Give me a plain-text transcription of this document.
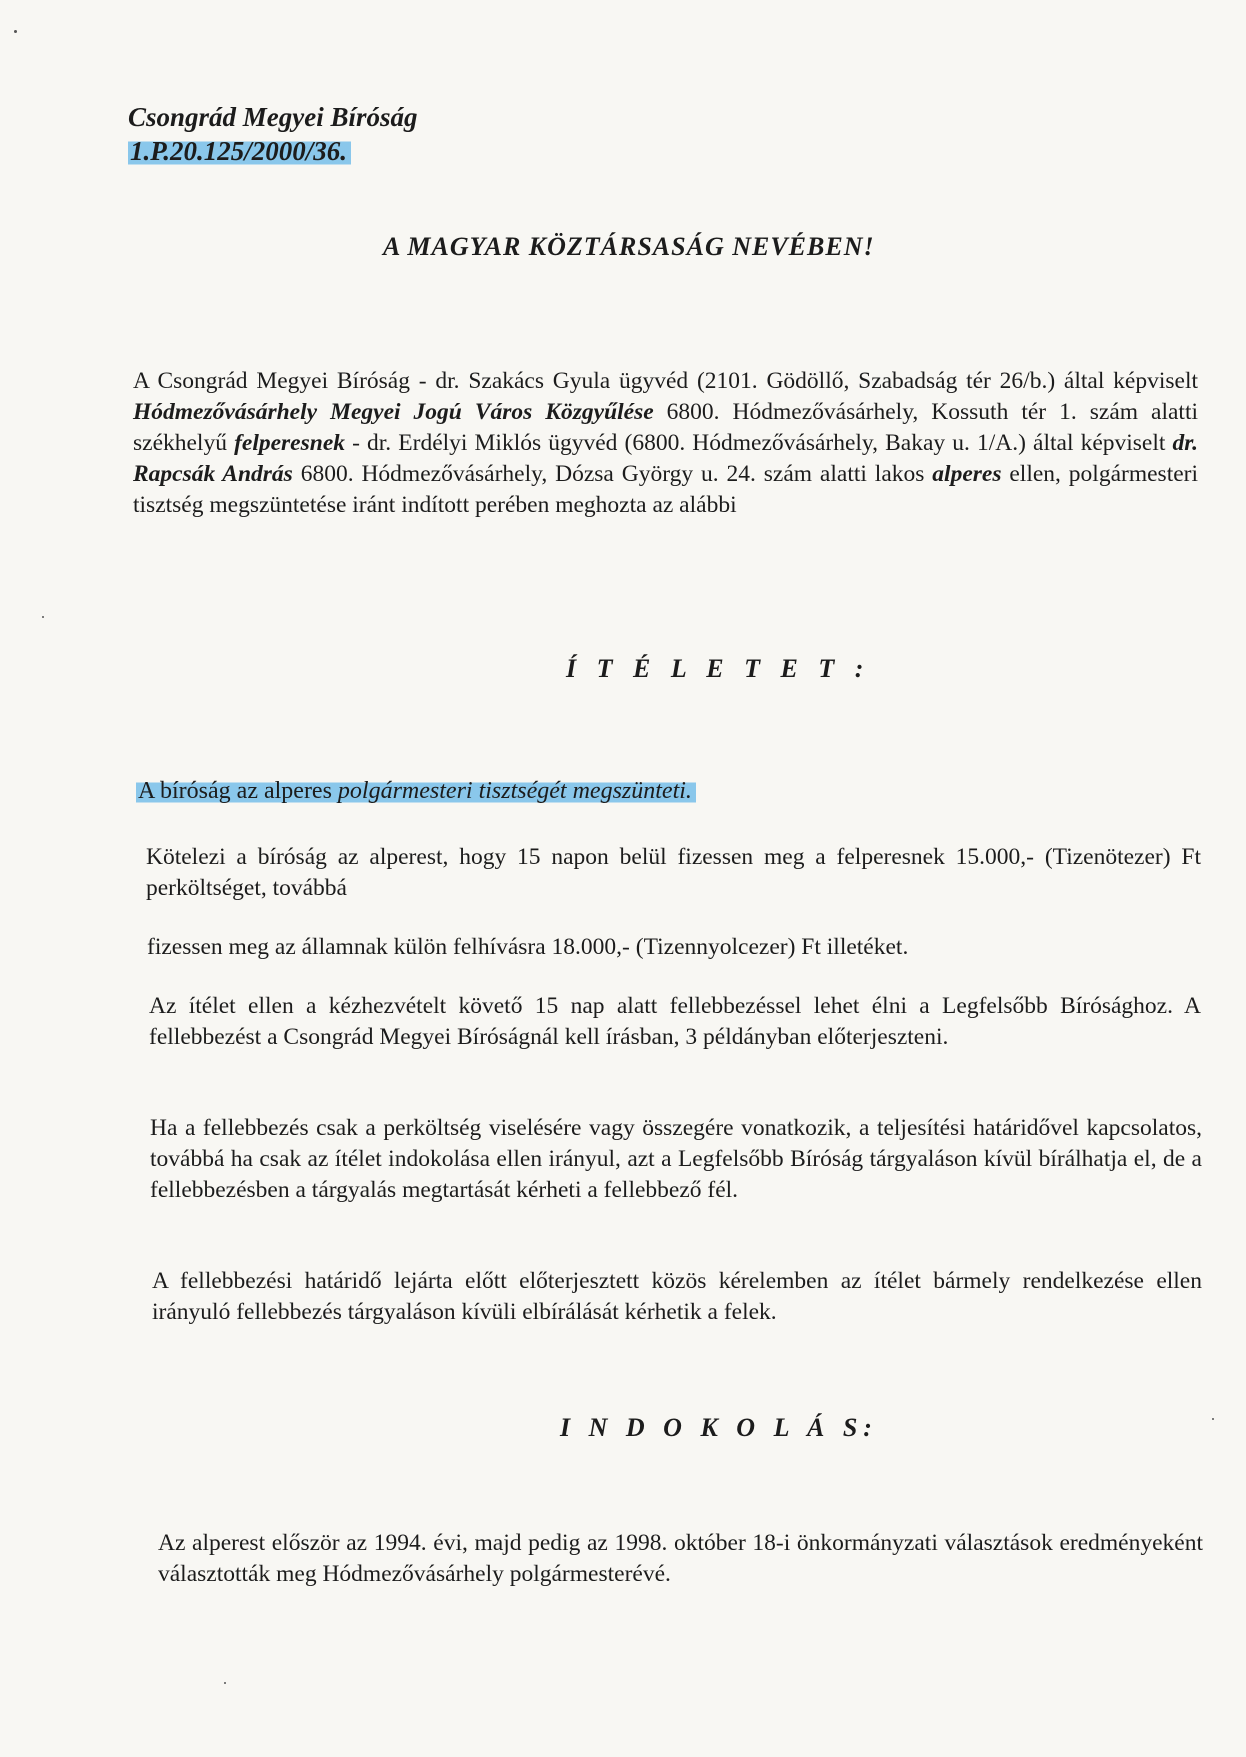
Csongrád Megyei Bíróság
1.P.20.125/2000/36.
A MAGYAR KÖZTÁRSASÁG NEVÉBEN!
A Csongrád Megyei Bíróság - dr. Szakács Gyula ügyvéd (2101. Gödöllő, Szabadság tér 26/b.) által képviselt Hódmezővásárhely Megyei Jogú Város Közgyűlése 6800. Hódmezővásárhely, Kossuth tér 1. szám alatti székhelyű felperesnek - dr. Erdélyi Miklós ügyvéd (6800. Hódmezővásárhely, Bakay u. 1/A.) által képviselt dr. Rapcsák András 6800. Hódmezővásárhely, Dózsa György u. 24. szám alatti lakos alperes ellen, polgármesteri tisztség megszüntetése iránt indított perében meghozta az alábbi
Í T É L E T E T :
A bíróság az alperes polgármesteri tisztségét megszünteti.
Kötelezi a bíróság az alperest, hogy 15 napon belül fizessen meg a felperesnek 15.000,- (Tizenötezer) Ft perköltséget, továbbá
fizessen meg az államnak külön felhívásra 18.000,- (Tizennyolcezer) Ft illetéket.
Az ítélet ellen a kézhezvételt követő 15 nap alatt fellebbezéssel lehet élni a Legfelsőbb Bírósághoz. A fellebbezést a Csongrád Megyei Bíróságnál kell írásban, 3 példányban előterjeszteni.
Ha a fellebbezés csak a perköltség viselésére vagy összegére vonatkozik, a teljesítési határidővel kapcsolatos, továbbá ha csak az ítélet indokolása ellen irányul, azt a Legfelsőbb Bíróság tárgyaláson kívül bírálhatja el, de a fellebbezésben a tárgyalás megtartását kérheti a fellebbező fél.
A fellebbezési határidő lejárta előtt előterjesztett közös kérelemben az ítélet bármely rendelkezése ellen irányuló fellebbezés tárgyaláson kívüli elbírálását kérhetik a felek.
I N D O K O L Á S:
Az alperest először az 1994. évi, majd pedig az 1998. október 18-i önkormányzati választások eredményeként választották meg Hódmezővásárhely polgármesterévé.
